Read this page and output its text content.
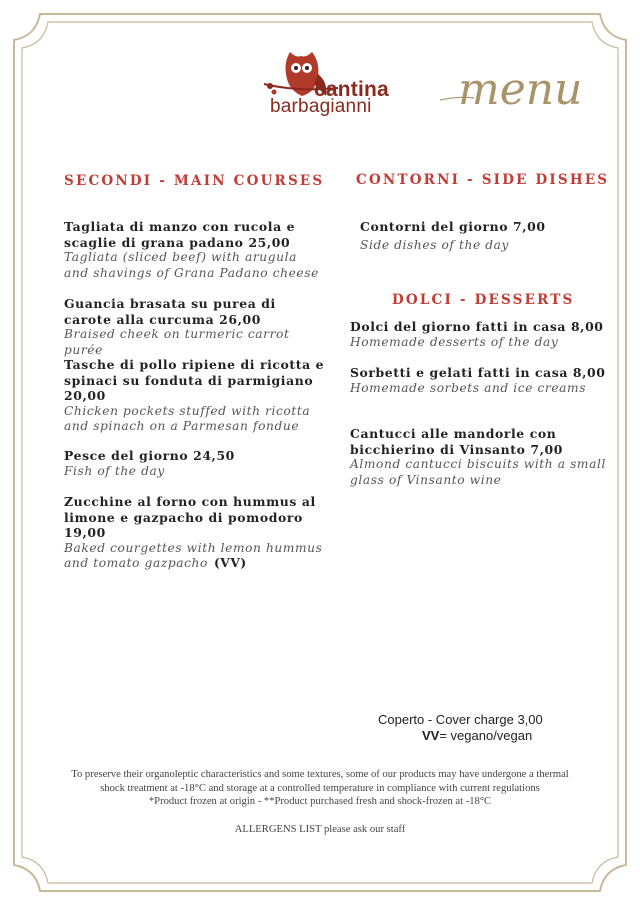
cantina
barbagianni menu
SECONDI - MAIN COURSES
Tagliata di manzo con rucola e scaglie di grana padano 25,00
Tagliata (sliced beef) with arugula and shavings of Grana Padano cheese
Guancia brasata su purea di carote alla curcuma 26,00
Braised cheek on turmeric carrot purée
Tasche di pollo ripiene di ricotta e spinaci su fonduta di parmigiano 20,00
Chicken pockets stuffed with ricotta and spinach on a Parmesan fondue
Pesce del giorno 24,50
Fish of the day
Zucchine al forno con hummus al limone e gazpacho di pomodoro 19,00
Baked courgettes with lemon hummus and tomato gazpacho (VV)
CONTORNI - SIDE DISHES
Contorni del giorno 7,00
Side dishes of the day
DOLCI - DESSERTS
Dolci del giorno fatti in casa 8,00
Homemade desserts of the day
Sorbetti e gelati fatti in casa 8,00
Homemade sorbets and ice creams
Cantucci alle mandorle con bicchierino di Vinsanto 7,00
Almond cantucci biscuits with a small glass of Vinsanto wine
Coperto - Cover charge 3,00
VV= vegano/vegan
To preserve their organoleptic characteristics and some textures, some of our products may have undergone a thermal
shock treatment at -18°C and storage at a controlled temperature in compliance with current regulations
*Product frozen at origin - **Product purchased fresh and shock-frozen at -18°C
ALLERGENS LIST please ask our staff
